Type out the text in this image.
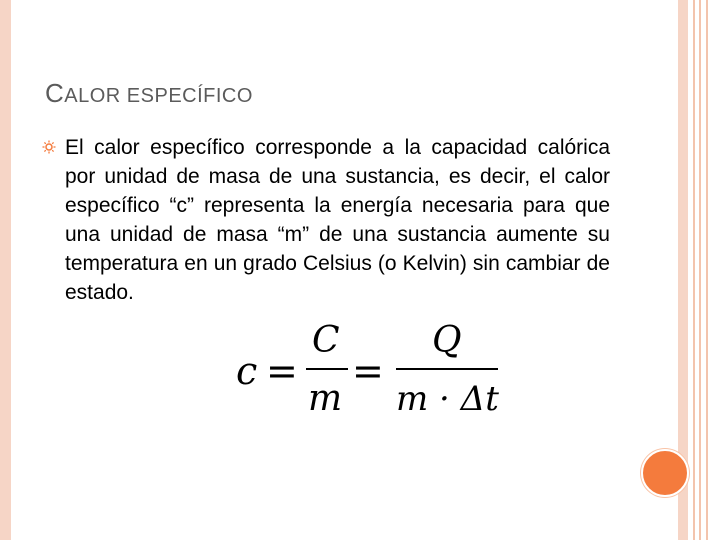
CALOR ESPECÍFICO
El calor específico corresponde a la capacidad calórica por unidad de masa de una sustancia, es decir, el calor específico “c” representa la energía necesaria para que una unidad de masa “m” de una sustancia aumente su temperatura en un grado Celsius (o Kelvin) sin cambiar de estado.
c =
C
m
=
Q
m · Δt
